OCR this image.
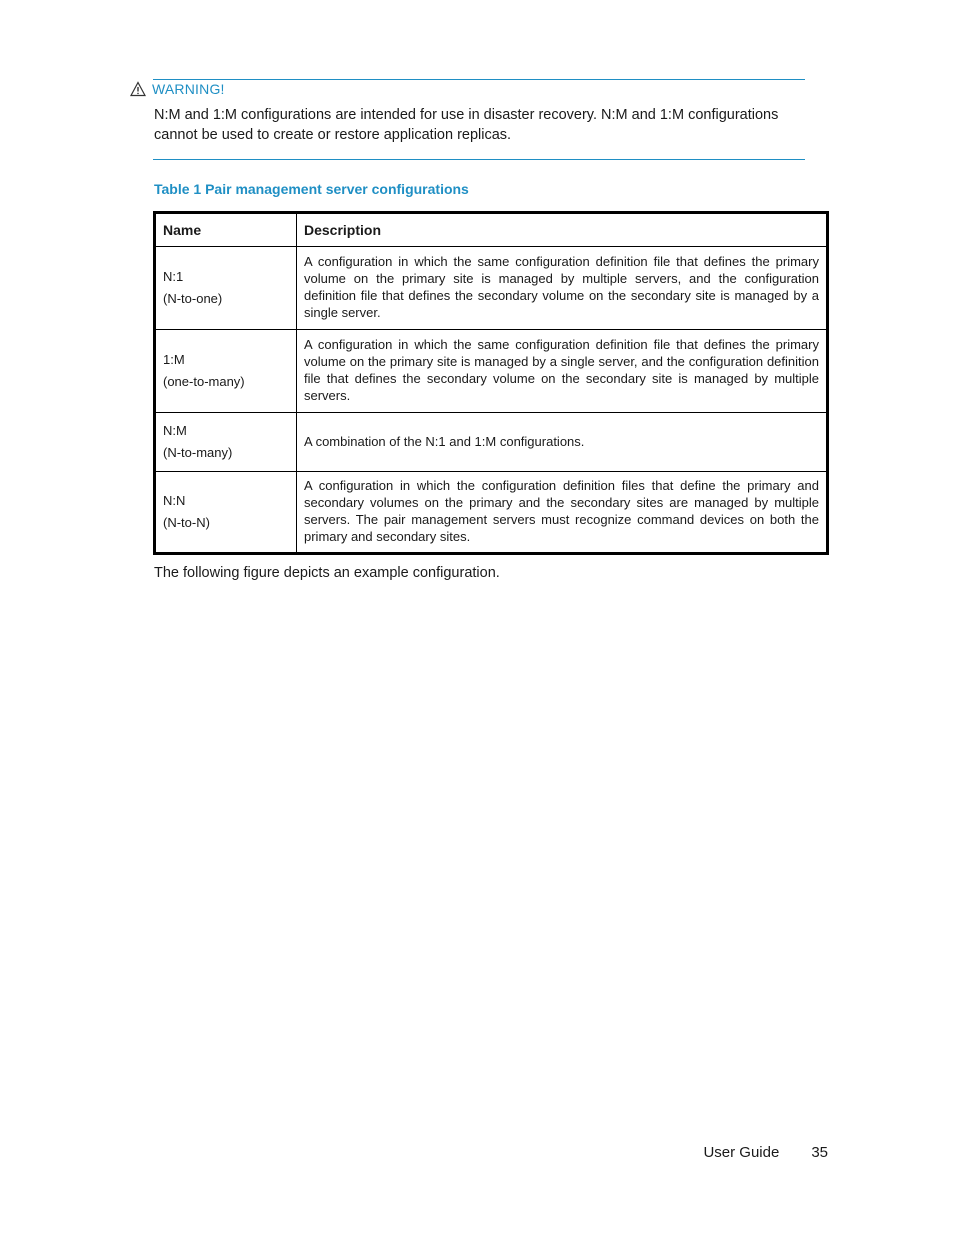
WARNING!
N:M and 1:M configurations are intended for use in disaster recovery. N:M and 1:M configurations cannot be used to create or restore application replicas.
Table 1 Pair management server configurations
Name	Description

N:1
(N-to-one)	A configuration in which the same configuration definition file that defines the primary volume on the primary site is managed by multiple servers, and the configuration definition file that defines the secondary volume on the secondary site is managed by a single server.

1:M
(one-to-many)	A configuration in which the same configuration definition file that defines the primary volume on the primary site is managed by a single server, and the configuration definition file that defines the secondary volume on the secondary site is managed by multiple servers.

N:M
(N-to-many)	A combination of the N:1 and 1:M configurations.

N:N
(N-to-N)	A configuration in which the configuration definition files that define the primary and secondary volumes on the primary and the secondary sites are managed by multiple servers. The pair management servers must recognize command devices on both the primary and secondary sites.
The following figure depicts an example configuration.
User Guide 35
